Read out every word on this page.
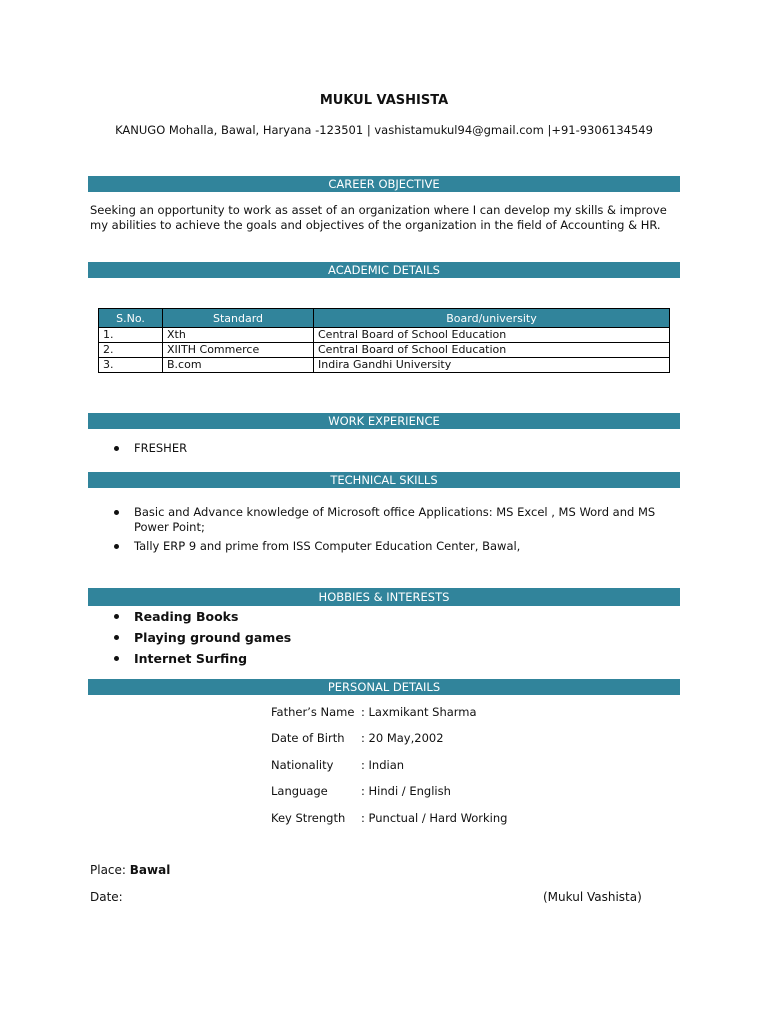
MUKUL VASHISTA
KANUGO Mohalla, Bawal, Haryana -123501 | vashistamukul94@gmail.com |+91-9306134549
CAREER OBJECTIVE
Seeking an opportunity to work as asset of an organization where I can develop my skills & improve my abilities to achieve the goals and objectives of the organization in the field of Accounting & HR.
ACADEMIC DETAILS
S.No.	Standard	Board/university
1.	Xth	Central Board of School Education
2.	XIITH Commerce	Central Board of School Education
3.	B.com	Indira Gandhi University
WORK EXPERIENCE
FRESHER
TECHNICAL SKILLS
Basic and Advance knowledge of Microsoft office Applications: MS Excel , MS Word and MS Power Point;
Tally ERP 9 and prime from ISS Computer Education Center, Bawal,
HOBBIES & INTERESTS
Reading Books
Playing ground games
Internet Surfing
PERSONAL DETAILS
Father’s Name : Laxmikant Sharma
Date of Birth : 20 May,2002
Nationality : Indian
Language	: Hindi / English
Key Strength : Punctual / Hard Working
Place: Bawal
Date:	(Mukul Vashista)
